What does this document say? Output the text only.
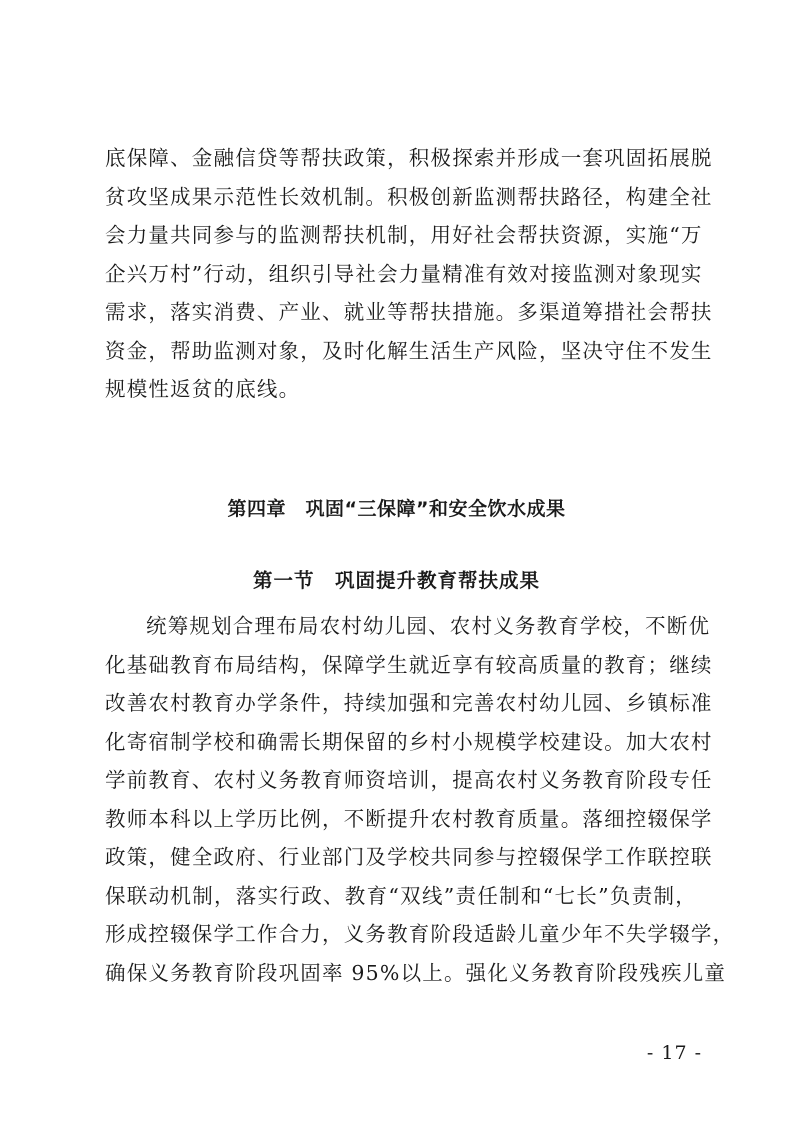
底保障、金融信贷等帮扶政策，积极探索并形成一套巩固拓展脱
贫攻坚成果示范性长效机制。积极创新监测帮扶路径，构建全社
会力量共同参与的监测帮扶机制，用好社会帮扶资源，实施“万
企兴万村”行动，组织引导社会力量精准有效对接监测对象现实
需求，落实消费、产业、就业等帮扶措施。多渠道筹措社会帮扶
资金，帮助监测对象，及时化解生活生产风险，坚决守住不发生
规模性返贫的底线。
第四章　巩固“三保障”和安全饮水成果
第一节　巩固提升教育帮扶成果
统筹规划合理布局农村幼儿园、农村义务教育学校，不断优
化基础教育布局结构，保障学生就近享有较高质量的教育；继续
改善农村教育办学条件，持续加强和完善农村幼儿园、乡镇标准
化寄宿制学校和确需长期保留的乡村小规模学校建设。加大农村
学前教育、农村义务教育师资培训，提高农村义务教育阶段专任
教师本科以上学历比例，不断提升农村教育质量。落细控辍保学
政策，健全政府、行业部门及学校共同参与控辍保学工作联控联
保联动机制，落实行政、教育“双线”责任制和“七长”负责制，
形成控辍保学工作合力，义务教育阶段适龄儿童少年不失学辍学，
确保义务教育阶段巩固率 95%以上。强化义务教育阶段残疾儿童
- 17 -
